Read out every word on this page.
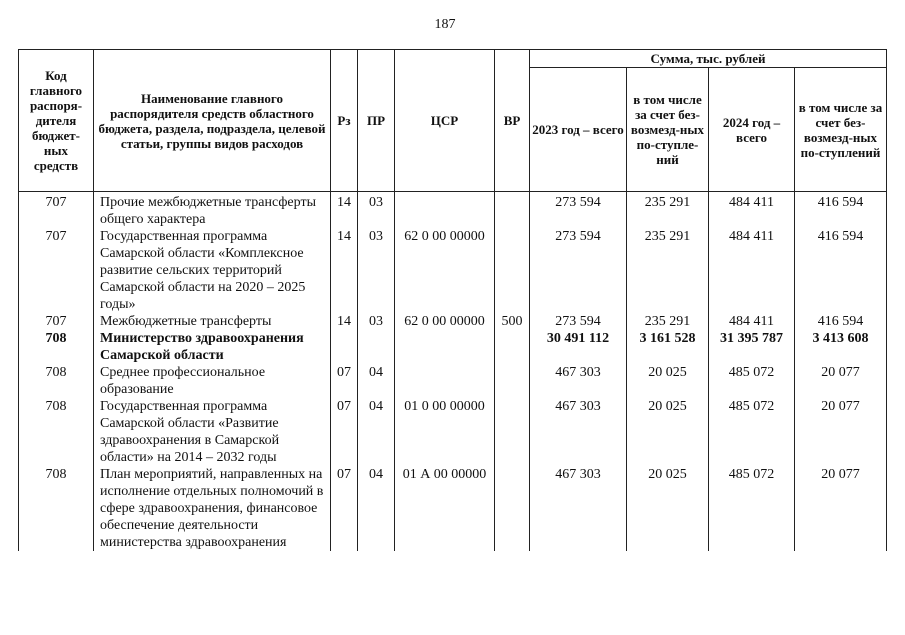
187
Код главного распоря-дителя бюджет-ных средств	Наименование главного распорядителя средств областного бюджета, раздела, подраздела, целевой статьи, группы видов расходов	Рз	ПР	ЦСР	ВР	Сумма, тыс. рублей			
						2023 год – всего	в том числе за счет без-возмезд-ных по-ступле-ний	2024 год – всего	в том числе за счет без-возмезд-ных по-ступлений
707	Прочие межбюджетные трансферты общего характера	14	03			273 594	235 291	484 411	416 594
707	Государственная программа Самарской области «Комплексное развитие сельских территорий Самарской области на 2020 – 2025 годы»	14	03	62 0 00 00000		273 594	235 291	484 411	416 594
707	Межбюджетные трансферты	14	03	62 0 00 00000	500	273 594	235 291	484 411	416 594
708	Министерство здравоохранения Самарской области					30 491 112	3 161 528	31 395 787	3 413 608
708	Среднее профессиональное образование	07	04			467 303	20 025	485 072	20 077
708	Государственная программа Самарской области «Развитие здравоохранения в Самарской области» на 2014 – 2032 годы	07	04	01 0 00 00000		467 303	20 025	485 072	20 077
708	План мероприятий, направленных на исполнение отдельных полномочий в сфере здравоохранения, финансовое обеспечение деятельности министерства здравоохранения	07	04	01 А 00 00000		467 303	20 025	485 072	20 077
